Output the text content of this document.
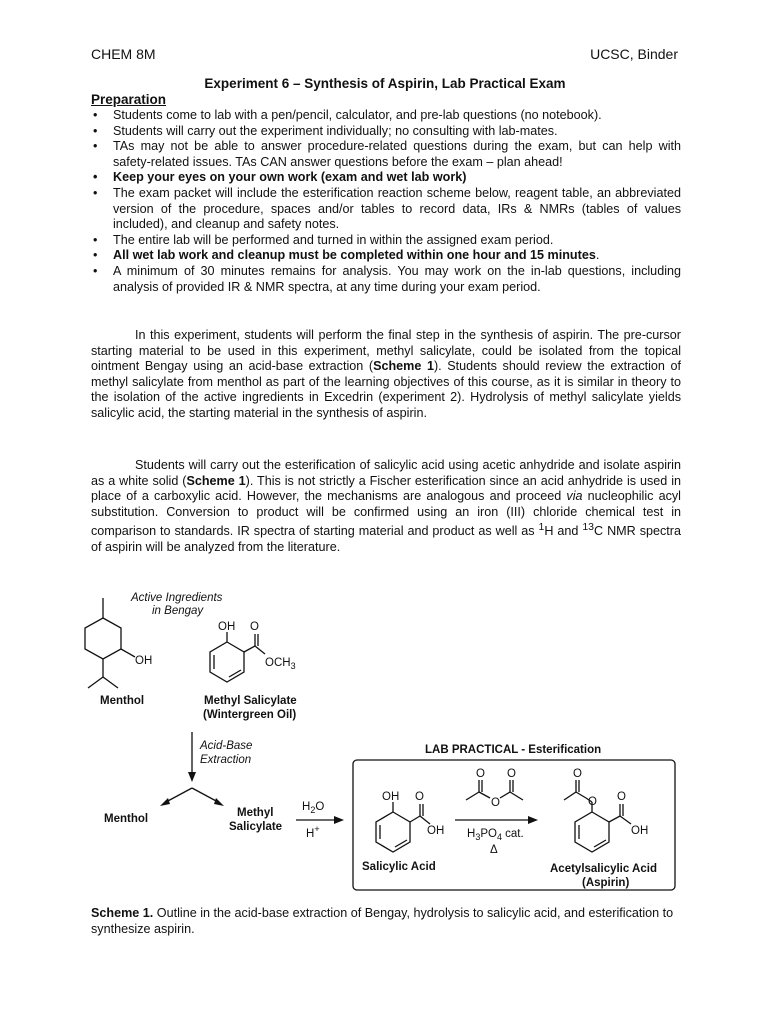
CHEM 8M	UCSC, Binder
Experiment 6 – Synthesis of Aspirin, Lab Practical Exam
Preparation
• Students come to lab with a pen/pencil, calculator, and pre-lab questions (no notebook).
• Students will carry out the experiment individually; no consulting with lab-mates.
• TAs may not be able to answer procedure-related questions during the exam, but can help with safety-related issues. TAs CAN answer questions before the exam – plan ahead!
• Keep your eyes on your own work (exam and wet lab work)
• The exam packet will include the esterification reaction scheme below, reagent table, an abbreviated version of the procedure, spaces and/or tables to record data, IRs & NMRs (tables of values included), and cleanup and safety notes.
• The entire lab will be performed and turned in within the assigned exam period.
• All wet lab work and cleanup must be completed within one hour and 15 minutes.
• A minimum of 30 minutes remains for analysis. You may work on the in-lab questions, including analysis of provided IR & NMR spectra, at any time during your exam period.

In this experiment, students will perform the final step in the synthesis of aspirin. The pre-cursor starting material to be used in this experiment, methyl salicylate, could be isolated from the topical ointment Bengay using an acid-base extraction (Scheme 1). Students should review the extraction of methyl salicylate from menthol as part of the learning objectives of this course, as it is similar in theory to the isolation of the active ingredients in Excedrin (experiment 2). Hydrolysis of methyl salicylate yields salicylic acid, the starting material in the synthesis of aspirin.

Students will carry out the esterification of salicylic acid using acetic anhydride and isolate aspirin as a white solid (Scheme 1). This is not strictly a Fischer esterification since an acid anhydride is used in place of a carboxylic acid. However, the mechanisms are analogous and proceed via nucleophilic acyl substitution. Conversion to product will be confirmed using an iron (III) chloride chemical test in comparison to standards. IR spectra of starting material and product as well as $^1$H and $^{13}$C NMR spectra of aspirin will be analyzed from the literature.

Active Ingredients
in Bengay
OH
Menthol
OH O
$OCH_3$
Methyl Salicylate
(Wintergreen Oil)
Acid-Base
Extraction
Menthol	Methyl
Salicylate
$H_2O$
H+
LAB PRACTICAL - Esterification
OH O
OH
Salicylic Acid
O O
O
$H_3PO_4$ cat.
Δ
O
O O
OH
Acetylsalicylic Acid
(Aspirin)

Scheme 1. Outline in the acid-base extraction of Bengay, hydrolysis to salicylic acid, and esterification to synthesize aspirin.
